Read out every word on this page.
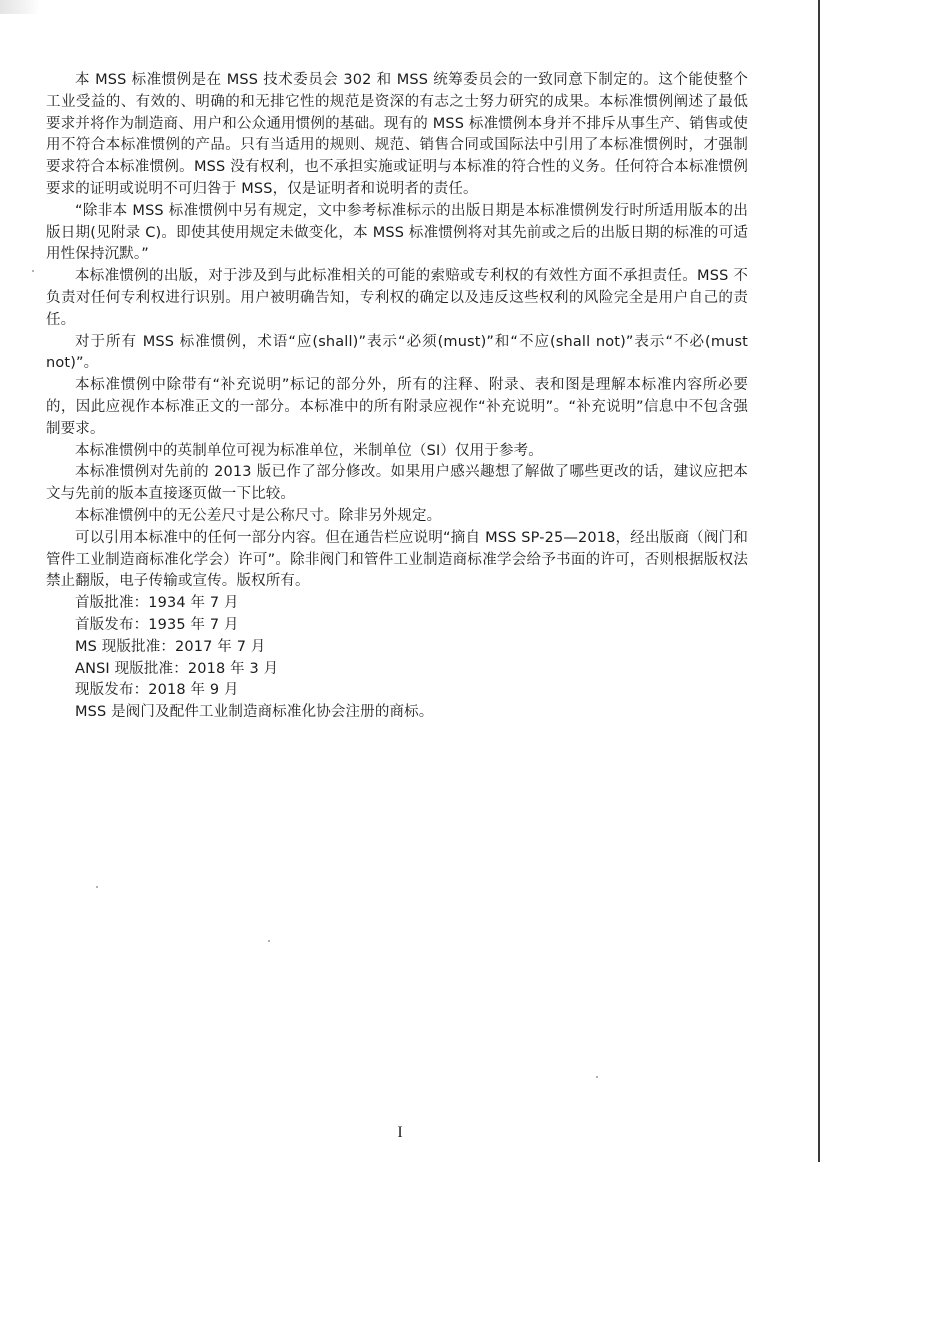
本 MSS 标准惯例是在 MSS 技术委员会 302 和 MSS 统筹委员会的一致同意下制定的。这个能使整个工业受益的、有效的、明确的和无排它性的规范是资深的有志之士努力研究的成果。本标准惯例阐述了最低要求并将作为制造商、用户和公众通用惯例的基础。现有的 MSS 标准惯例本身并不排斥从事生产、销售或使用不符合本标准惯例的产品。只有当适用的规则、规范、销售合同或国际法中引用了本标准惯例时，才强制要求符合本标准惯例。MSS 没有权利，也不承担实施或证明与本标准的符合性的义务。任何符合本标准惯例要求的证明或说明不可归咎于 MSS，仅是证明者和说明者的责任。

“除非本 MSS 标准惯例中另有规定，文中参考标准标示的出版日期是本标准惯例发行时所适用版本的出版日期(见附录 C)。即使其使用规定未做变化，本 MSS 标准惯例将对其先前或之后的出版日期的标准的可适用性保持沉默。”

本标准惯例的出版，对于涉及到与此标准相关的可能的索赔或专利权的有效性方面不承担责任。MSS 不负责对任何专利权进行识别。用户被明确告知，专利权的确定以及违反这些权利的风险完全是用户自己的责任。

对于所有 MSS 标准惯例，术语“应(shall)”表示“必须(must)”和“不应(shall not)”表示“不必(must not)”。

本标准惯例中除带有“补充说明”标记的部分外，所有的注释、附录、表和图是理解本标准内容所必要的，因此应视作本标准正文的一部分。本标准中的所有附录应视作“补充说明”。“补充说明”信息中不包含强制要求。

本标准惯例中的英制单位可视为标准单位，米制单位（SI）仅用于参考。

本标准惯例对先前的 2013 版已作了部分修改。如果用户感兴趣想了解做了哪些更改的话，建议应把本文与先前的版本直接逐页做一下比较。

本标准惯例中的无公差尺寸是公称尺寸。除非另外规定。

可以引用本标准中的任何一部分内容。但在通告栏应说明“摘自 MSS SP-25—2018，经出版商（阀门和管件工业制造商标准化学会）许可”。除非阀门和管件工业制造商标准学会给予书面的许可，否则根据版权法禁止翻版，电子传输或宣传。版权所有。

首版批准：1934 年 7 月

首版发布：1935 年 7 月

MS 现版批准：2017 年 7 月

ANSI 现版批准：2018 年 3 月

现版发布：2018 年 9 月

MSS 是阀门及配件工业制造商标准化协会注册的商标。

I
